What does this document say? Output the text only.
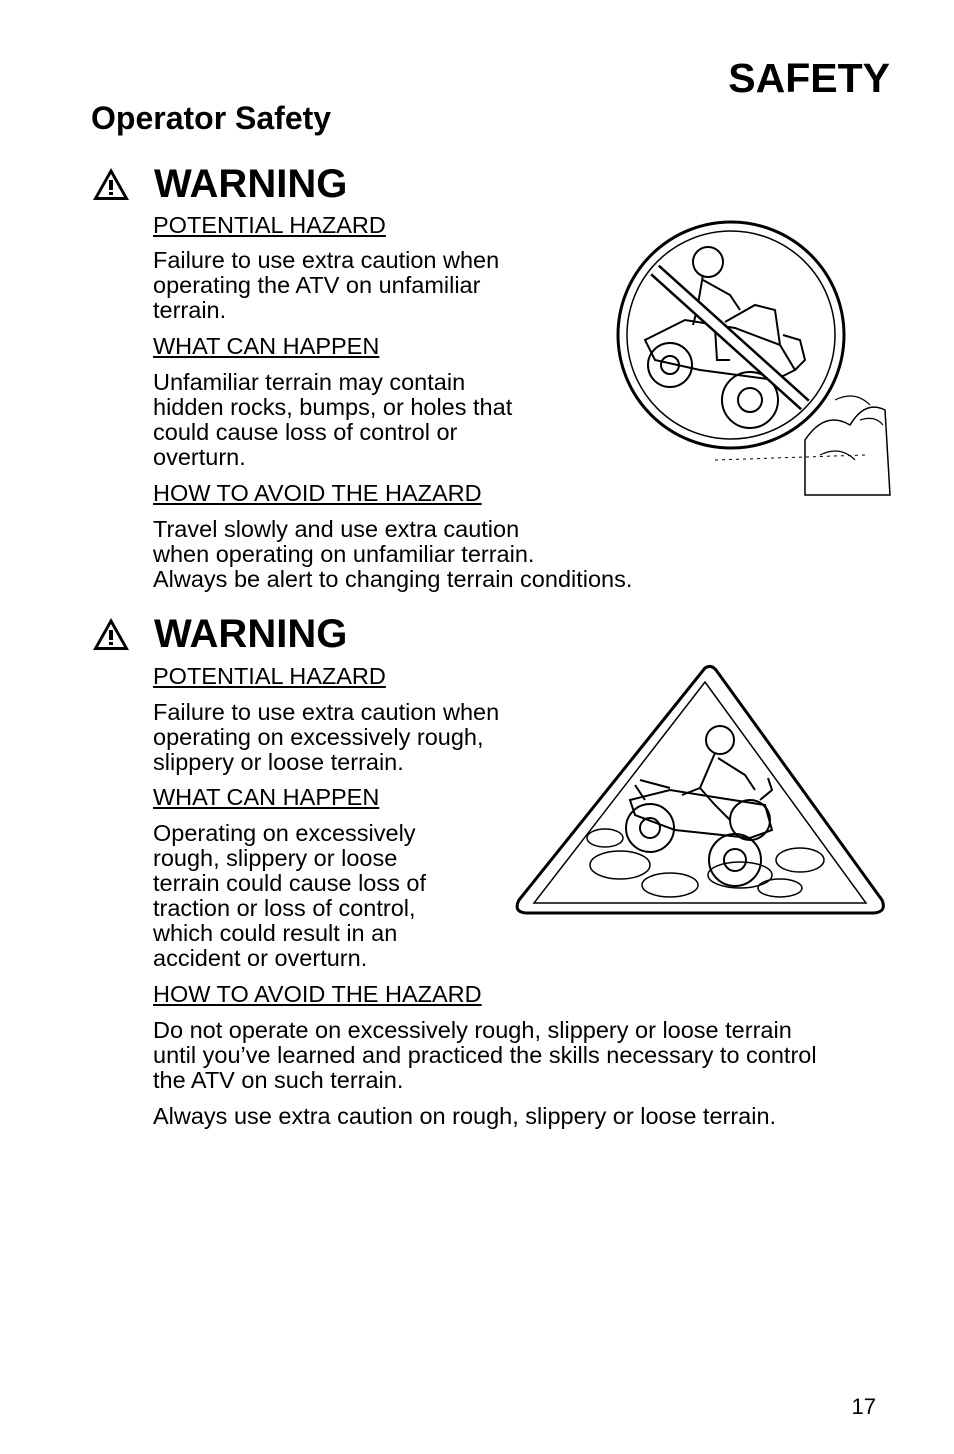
SAFETY
Operator Safety
WARNING
POTENTIAL HAZARD
Failure to use extra caution when
operating the ATV on unfamiliar
terrain.
WHAT CAN HAPPEN
Unfamiliar terrain may contain
hidden rocks, bumps, or holes that
could cause loss of control or
overturn.
HOW TO AVOID THE HAZARD
Travel slowly and use extra caution
when operating on unfamiliar terrain.
Always be alert to changing terrain conditions.
WARNING
POTENTIAL HAZARD
Failure to use extra caution when
operating on excessively rough,
slippery or loose terrain.
WHAT CAN HAPPEN
Operating on excessively
rough, slippery or loose
terrain could cause loss of
traction or loss of control,
which could result in an
accident or overturn.
HOW TO AVOID THE HAZARD
Do not operate on excessively rough, slippery or loose terrain
until you’ve learned and practiced the skills necessary to control
the ATV on such terrain.
Always use extra caution on rough, slippery or loose terrain.
17
